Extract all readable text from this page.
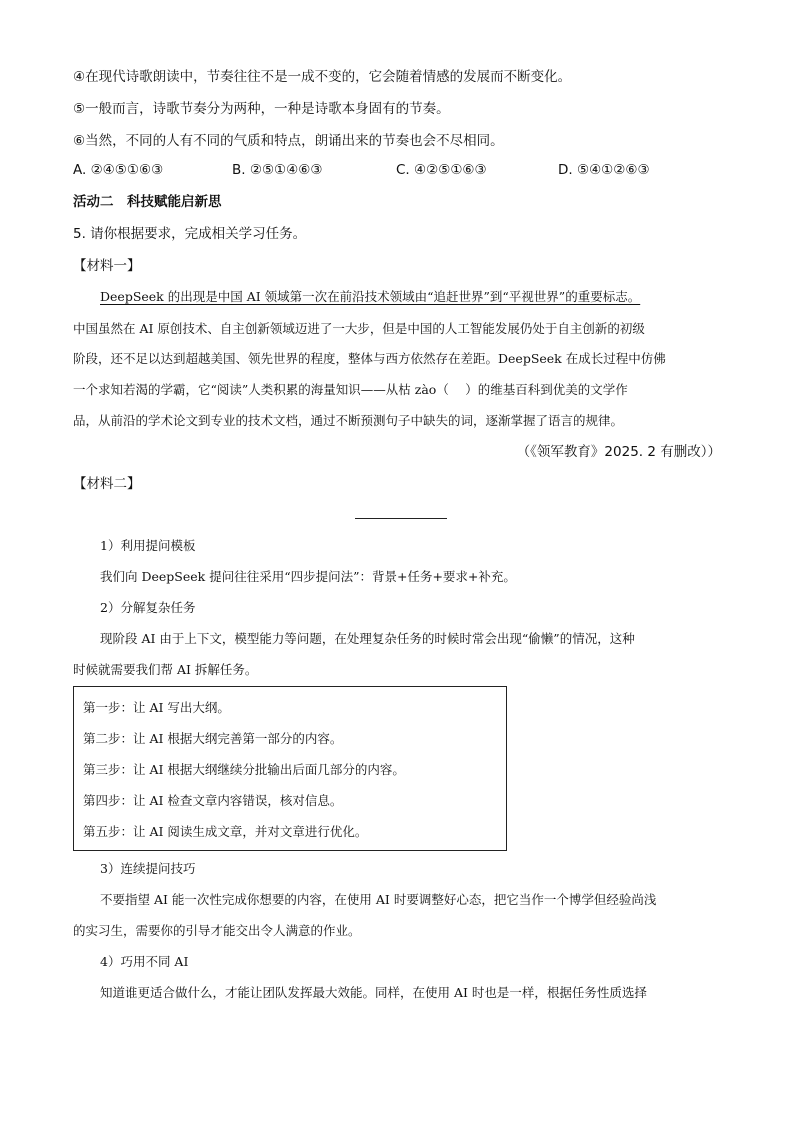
④在现代诗歌朗读中，节奏往往不是一成不变的，它会随着情感的发展而不断变化。
⑤一般而言，诗歌节奏分为两种，一种是诗歌本身固有的节奏。
⑥当然，不同的人有不同的气质和特点，朗诵出来的节奏也会不尽相同。
A. ②④⑤①⑥③	B. ②⑤①④⑥③	C. ④②⑤①⑥③	D. ⑤④①②⑥③
活动二　科技赋能启新思
5. 请你根据要求，完成相关学习任务。
【材料一】
DeepSeek 的出现是中国 AI 领域第一次在前沿技术领域由“追赶世界”到“平视世界”的重要标志。
中国虽然在 AI 原创技术、自主创新领域迈进了一大步，但是中国的人工智能发展仍处于自主创新的初级
阶段，还不足以达到超越美国、领先世界的程度，整体与西方依然存在差距。DeepSeek 在成长过程中仿佛
一个求知若渴的学霸，它“阅读”人类积累的海量知识——从枯 zào（　 ）的维基百科到优美的文学作
品，从前沿的学术论文到专业的技术文档，通过不断预测句子中缺失的词，逐渐掌握了语言的规律。
（《领军教育》2025. 2 有删改））
【材料二】
1）利用提问模板
我们向 DeepSeek 提问往往采用“四步提问法”：背景+任务+要求+补充。
2）分解复杂任务
现阶段 AI 由于上下文，模型能力等问题，在处理复杂任务的时候时常会出现“偷懒”的情况，这种
时候就需要我们帮 AI 拆解任务。
第一步：让 AI 写出大纲。
第二步：让 AI 根据大纲完善第一部分的内容。
第三步：让 AI 根据大纲继续分批输出后面几部分的内容。
第四步：让 AI 检查文章内容错误，核对信息。
第五步：让 AI 阅读生成文章，并对文章进行优化。
3）连续提问技巧
不要指望 AI 能一次性完成你想要的内容，在使用 AI 时要调整好心态，把它当作一个博学但经验尚浅
的实习生，需要你的引导才能交出令人满意的作业。
4）巧用不同 AI
知道谁更适合做什么，才能让团队发挥最大效能。同样，在使用 AI 时也是一样，根据任务性质选择
